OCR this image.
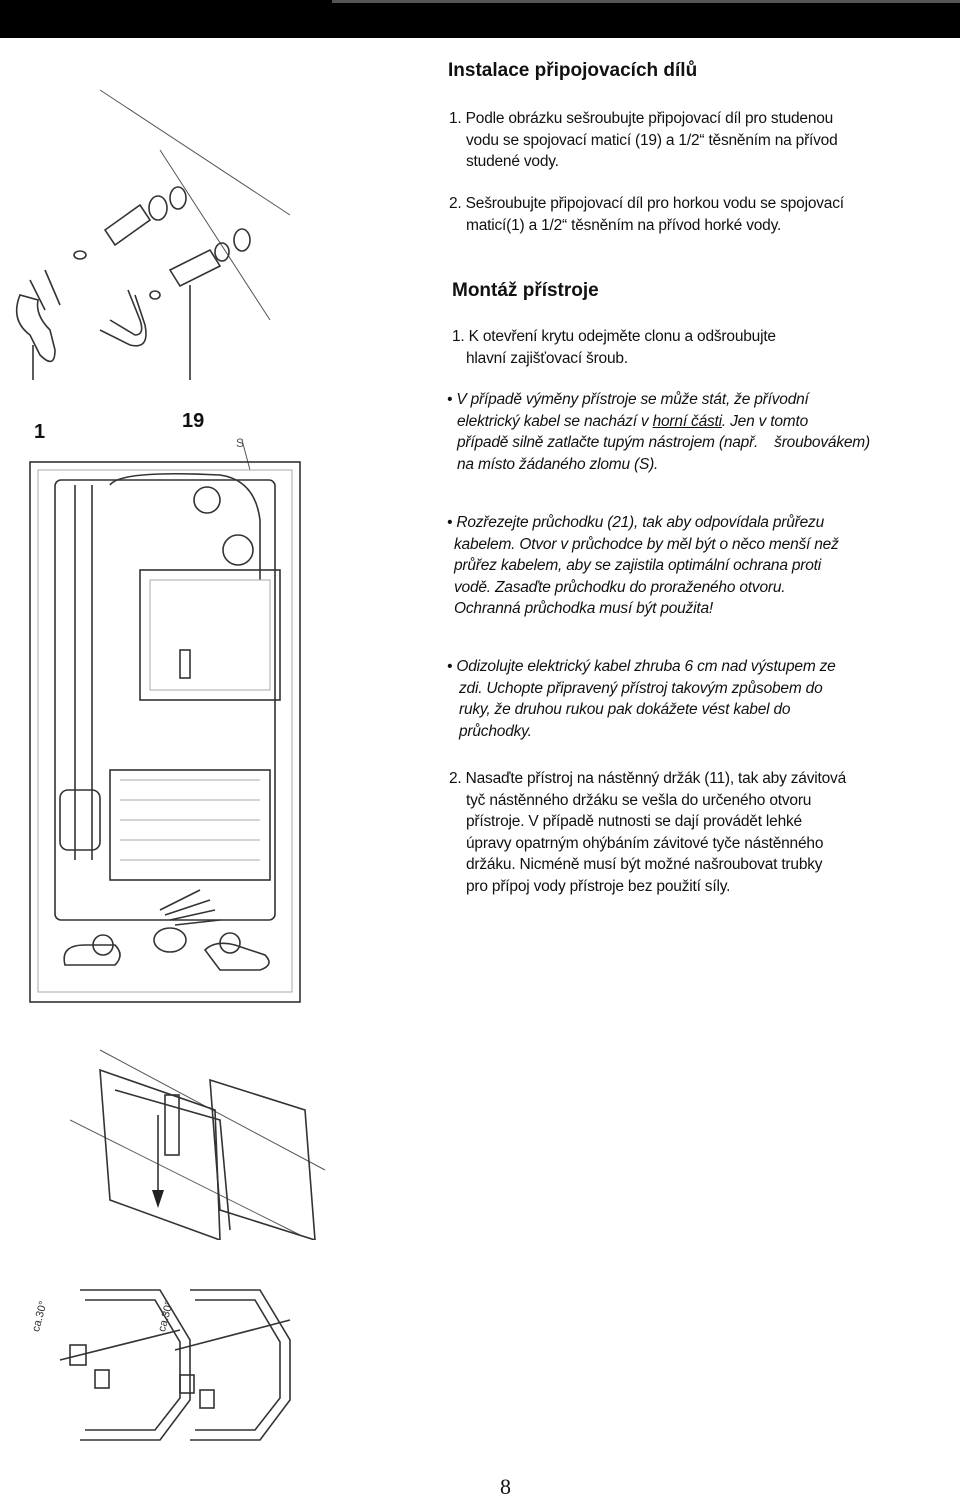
1	19
S
ca.30°	ca.30°
Instalace připojovacích dílů
1. Podle obrázku sešroubujte připojovací díl pro studenou
vodu se spojovací maticí (19) a 1/2“ těsněním na přívod
studené vody.
2. Sešroubujte připojovací díl pro horkou vodu se spojovací
maticí(1) a 1/2“ těsněním na přívod horké vody.
Montáž přístroje
1. K otevření krytu odejměte clonu a odšroubujte
hlavní zajišťovací šroub.
• V případě výměny přístroje se může stát, že přívodní
elektrický kabel se nachází v horní části. Jen v tomto
případě silně zatlačte tupým nástrojem (např. šroubovákem)
na místo žádaného zlomu (S).
• Rozřezejte průchodku (21), tak aby odpovídala průřezu
kabelem. Otvor v průchodce by měl být o něco menší než
průřez kabelem, aby se zajistila optimální ochrana proti
vodě. Zasaďte průchodku do proraženého otvoru.
Ochranná průchodka musí být použita!
• Odizolujte elektrický kabel zhruba 6 cm nad výstupem ze
zdi. Uchopte připravený přístroj takovým způsobem do
ruky, že druhou rukou pak dokážete vést kabel do
průchodky.
2. Nasaďte přístroj na nástěnný držák (11), tak aby závitová
tyč nástěnného držáku se vešla do určeného otvoru
přístroje. V případě nutnosti se dají provádět lehké
úpravy opatrným ohýbáním závitové tyče nástěnného
držáku. Nicméně musí být možné našroubovat trubky
pro přípoj vody přístroje bez použití síly.
8
